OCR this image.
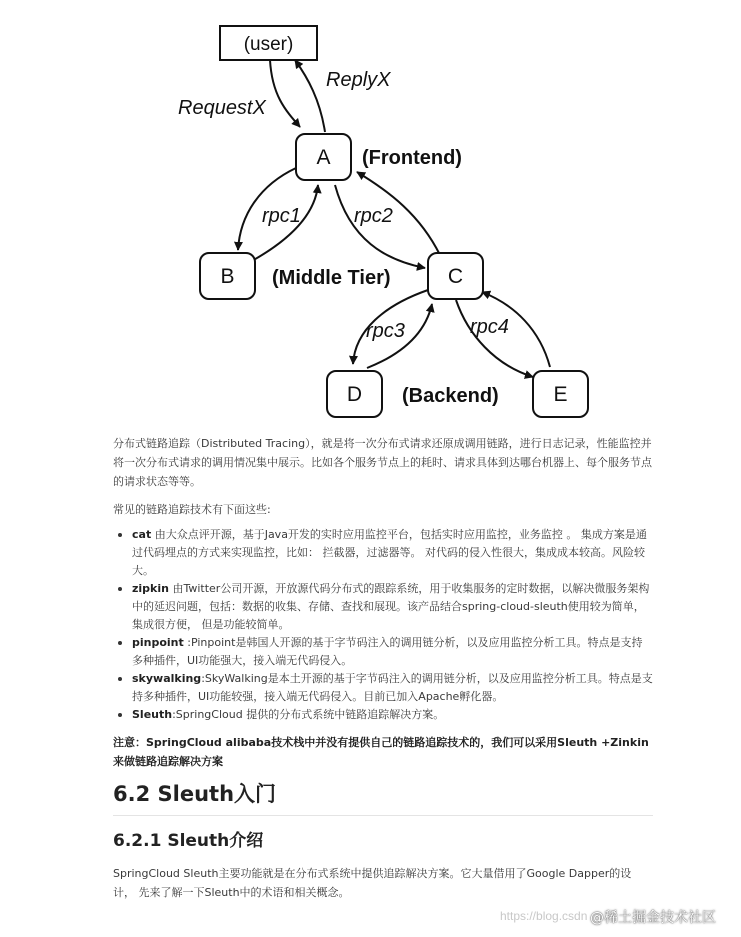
(user)
A
B	C
D	E
RequestX
ReplyX
rpc1	rpc2
rpc3	rpc4
(Frontend)
(Middle Tier)
(Backend)

分布式链路追踪（Distributed Tracing），就是将一次分布式请求还原成调用链路，进行日志记录，性能监控并将一次分布式请求的调用情况集中展示。比如各个服务节点上的耗时、请求具体到达哪台机器上、每个服务节点的请求状态等等。

常见的链路追踪技术有下面这些:

cat 由大众点评开源，基于Java开发的实时应用监控平台，包括实时应用监控，业务监控 。 集成方案是通过代码埋点的方式来实现监控，比如： 拦截器，过滤器等。 对代码的侵入性很大，集成成本较高。风险较大。
zipkin 由Twitter公司开源，开放源代码分布式的跟踪系统，用于收集服务的定时数据，以解决微服务架构中的延迟问题，包括：数据的收集、存储、查找和展现。该产品结合spring-cloud-sleuth使用较为简单， 集成很方便， 但是功能较简单。
pinpoint :Pinpoint是韩国人开源的基于字节码注入的调用链分析，以及应用监控分析工具。特点是支持多种插件，UI功能强大，接入端无代码侵入。
skywalking:SkyWalking是本土开源的基于字节码注入的调用链分析，以及应用监控分析工具。特点是支持多种插件，UI功能较强，接入端无代码侵入。目前已加入Apache孵化器。
Sleuth:SpringCloud 提供的分布式系统中链路追踪解决方案。

注意：SpringCloud alibaba技术栈中并没有提供自己的链路追踪技术的，我们可以采用Sleuth +Zinkin来做链路追踪解决方案

6.2 Sleuth入门
6.2.1 Sleuth介绍

SpringCloud Sleuth主要功能就是在分布式系统中提供追踪解决方案。它大量借用了Google Dapper的设计， 先来了解一下Sleuth中的术语和相关概念。

https://blog.csdn @稀土掘金技术社区
